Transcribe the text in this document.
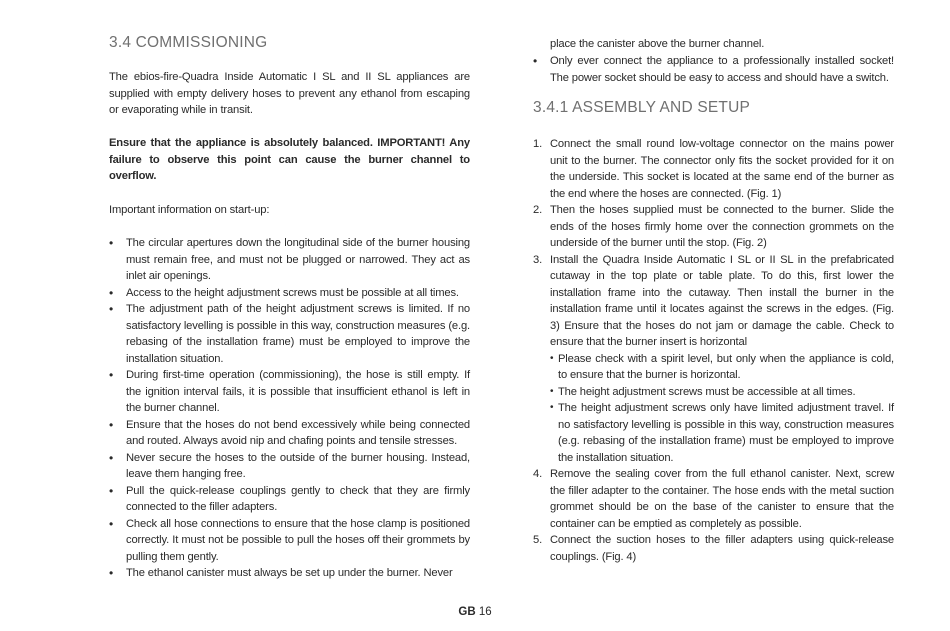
3.4 COMMISSIONING

The ebios-fire-Quadra Inside Automatic I SL and II SL appliances are supplied with empty delivery hoses to prevent any ethanol from escaping or evaporating while in transit.

Ensure that the appliance is absolutely balanced. IMPORTANT! Any failure to observe this point can cause the burner channel to overflow.

Important information on start-up:

• The circular apertures down the longitudinal side of the burner housing must remain free, and must not be plugged or narrowed. They act as inlet air openings.
• Access to the height adjustment screws must be possible at all times.
• The adjustment path of the height adjustment screws is limited. If no satisfactory levelling is possible in this way, construction measures (e.g. rebasing of the installation frame) must be employed to improve the installation situation.
• During first-time operation (commissioning), the hose is still empty. If the ignition interval fails, it is possible that insufficient ethanol is left in the burner channel.
• Ensure that the hoses do not bend excessively while being connected and routed. Always avoid nip and chafing points and tensile stresses.
• Never secure the hoses to the outside of the burner housing. Instead, leave them hanging free.
• Pull the quick-release couplings gently to check that they are firmly connected to the filler adapters.
• Check all hose connections to ensure that the hose clamp is positioned correctly. It must not be possible to pull the hoses off their grommets by pulling them gently.
• The ethanol canister must always be set up under the burner. Never

place the canister above the burner channel.

• Only ever connect the appliance to a professionally installed socket! The power socket should be easy to access and should have a switch.
3.4.1 ASSEMBLY AND SETUP
1. Connect the small round low-voltage connector on the mains power unit to the burner. The connector only fits the socket provided for it on the underside. This socket is located at the same end of the burner as the end where the hoses are connected. (Fig. 1)
2. Then the hoses supplied must be connected to the burner. Slide the ends of the hoses firmly home over the connection grommets on the underside of the burner until the stop. (Fig. 2)
3. Install the Quadra Inside Automatic I SL or II SL in the prefabricated cutaway in the top plate or table plate. To do this, first lower the installation frame into the cutaway. Then install the burner in the installation frame until it locates against the screws in the edges. (Fig. 3) Ensure that the hoses do not jam or damage the cable. Check to ensure that the burner insert is horizontal
• Please check with a spirit level, but only when the appliance is cold, to ensure that the burner is horizontal.
• The height adjustment screws must be accessible at all times.
• The height adjustment screws only have limited adjustment travel. If no satisfactory levelling is possible in this way, construction measures (e.g. rebasing of the installation frame) must be employed to improve the installation situation.
4. Remove the sealing cover from the full ethanol canister. Next, screw the filler adapter to the container. The hose ends with the metal suction grommet should be on the base of the canister to ensure that the container can be emptied as completely as possible.
5. Connect the suction hoses to the filler adapters using quick-release couplings. (Fig. 4)
GB 16
